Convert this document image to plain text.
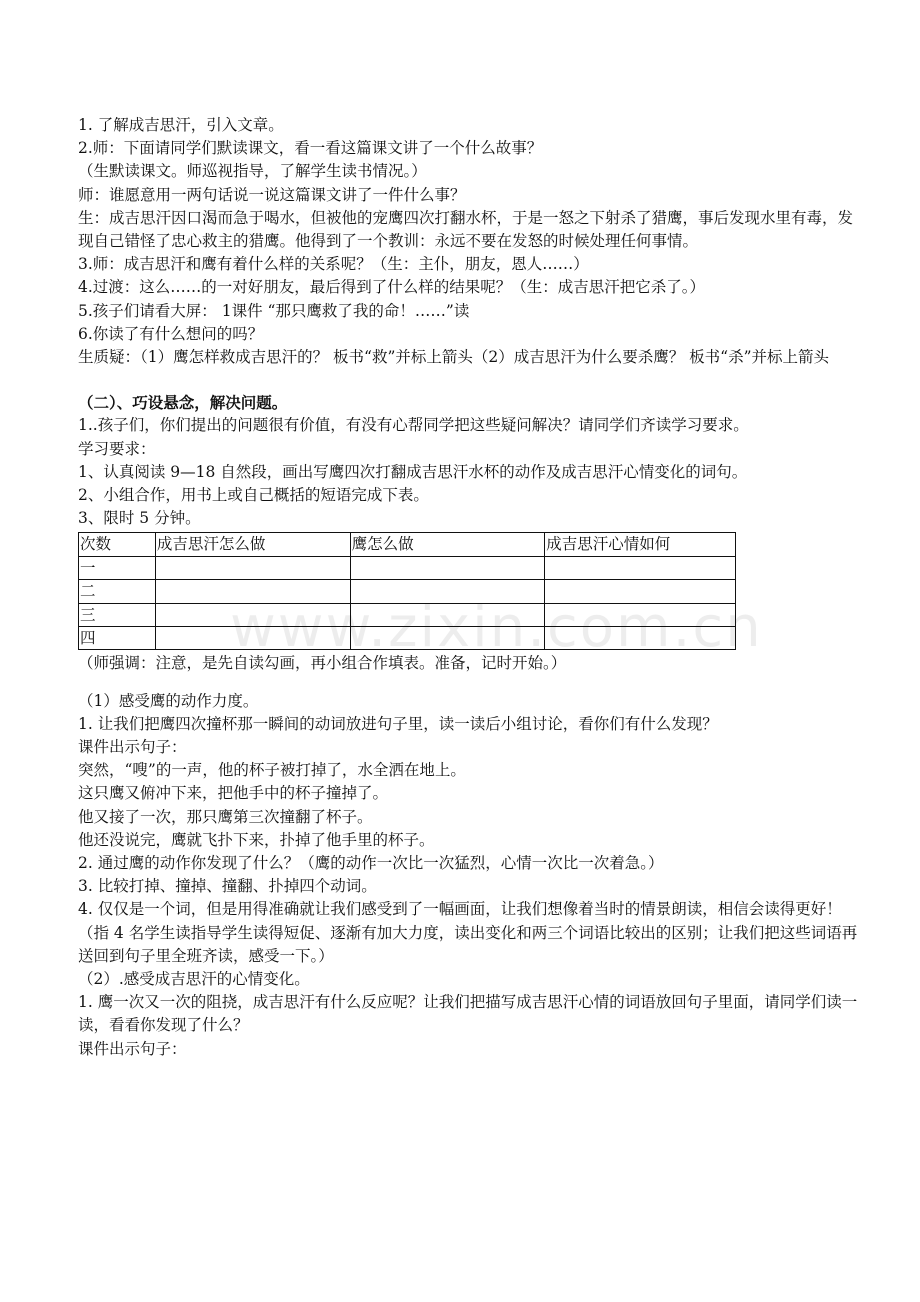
www.zixin.com.cn

1. 了解成吉思汗，引入文章。

2.师：下面请同学们默读课文，看一看这篇课文讲了一个什么故事？

（生默读课文。师巡视指导，了解学生读书情况。）

师：谁愿意用一两句话说一说这篇课文讲了一件什么事？

生：成吉思汗因口渴而急于喝水，但被他的宠鹰四次打翻水杯，于是一怒之下射杀了猎鹰，事后发现水里有毒，发现自己错怪了忠心救主的猎鹰。他得到了一个教训：永远不要在发怒的时候处理任何事情。

3.师：成吉思汗和鹰有着什么样的关系呢？（生：主仆，朋友，恩人……）

4.过渡：这么……的一对好朋友，最后得到了什么样的结果呢？（生：成吉思汗把它杀了。）

5.孩子们请看大屏： 1课件 “那只鹰救了我的命！……”读

6.你读了有什么想问的吗？

生质疑：（1）鹰怎样救成吉思汗的？ 板书“救”并标上箭头（2）成吉思汗为什么要杀鹰？ 板书“杀”并标上箭头

（二）、巧设悬念，解决问题。

1..孩子们，你们提出的问题很有价值，有没有心帮同学把这些疑问解决？请同学们齐读学习要求。

学习要求：

1、认真阅读 9—18 自然段，画出写鹰四次打翻成吉思汗水杯的动作及成吉思汗心情变化的词句。

2、小组合作，用书上或自己概括的短语完成下表。

3、限时 5 分钟。

次数	成吉思汗怎么做	鹰怎么做	成吉思汗心情如何
一			
二			
三			
四			

（师强调：注意，是先自读勾画，再小组合作填表。准备，记时开始。）

（1）感受鹰的动作力度。

1. 让我们把鹰四次撞杯那一瞬间的动词放进句子里，读一读后小组讨论，看你们有什么发现？

课件出示句子：

突然，“嗖”的一声，他的杯子被打掉了，水全洒在地上。

这只鹰又俯冲下来，把他手中的杯子撞掉了。

他又接了一次，那只鹰第三次撞翻了杯子。

他还没说完，鹰就飞扑下来，扑掉了他手里的杯子。

2. 通过鹰的动作你发现了什么？（鹰的动作一次比一次猛烈，心情一次比一次着急。）

3. 比较打掉、撞掉、撞翻、扑掉四个动词。

4. 仅仅是一个词，但是用得准确就让我们感受到了一幅画面，让我们想像着当时的情景朗读，相信会读得更好！（指 4 名学生读指导学生读得短促、逐渐有加大力度，读出变化和两三个词语比较出的区别；让我们把这些词语再送回到句子里全班齐读，感受一下。）

（2）.感受成吉思汗的心情变化。

1. 鹰一次又一次的阻挠，成吉思汗有什么反应呢？让我们把描写成吉思汗心情的词语放回句子里面，请同学们读一读，看看你发现了什么？

课件出示句子：
